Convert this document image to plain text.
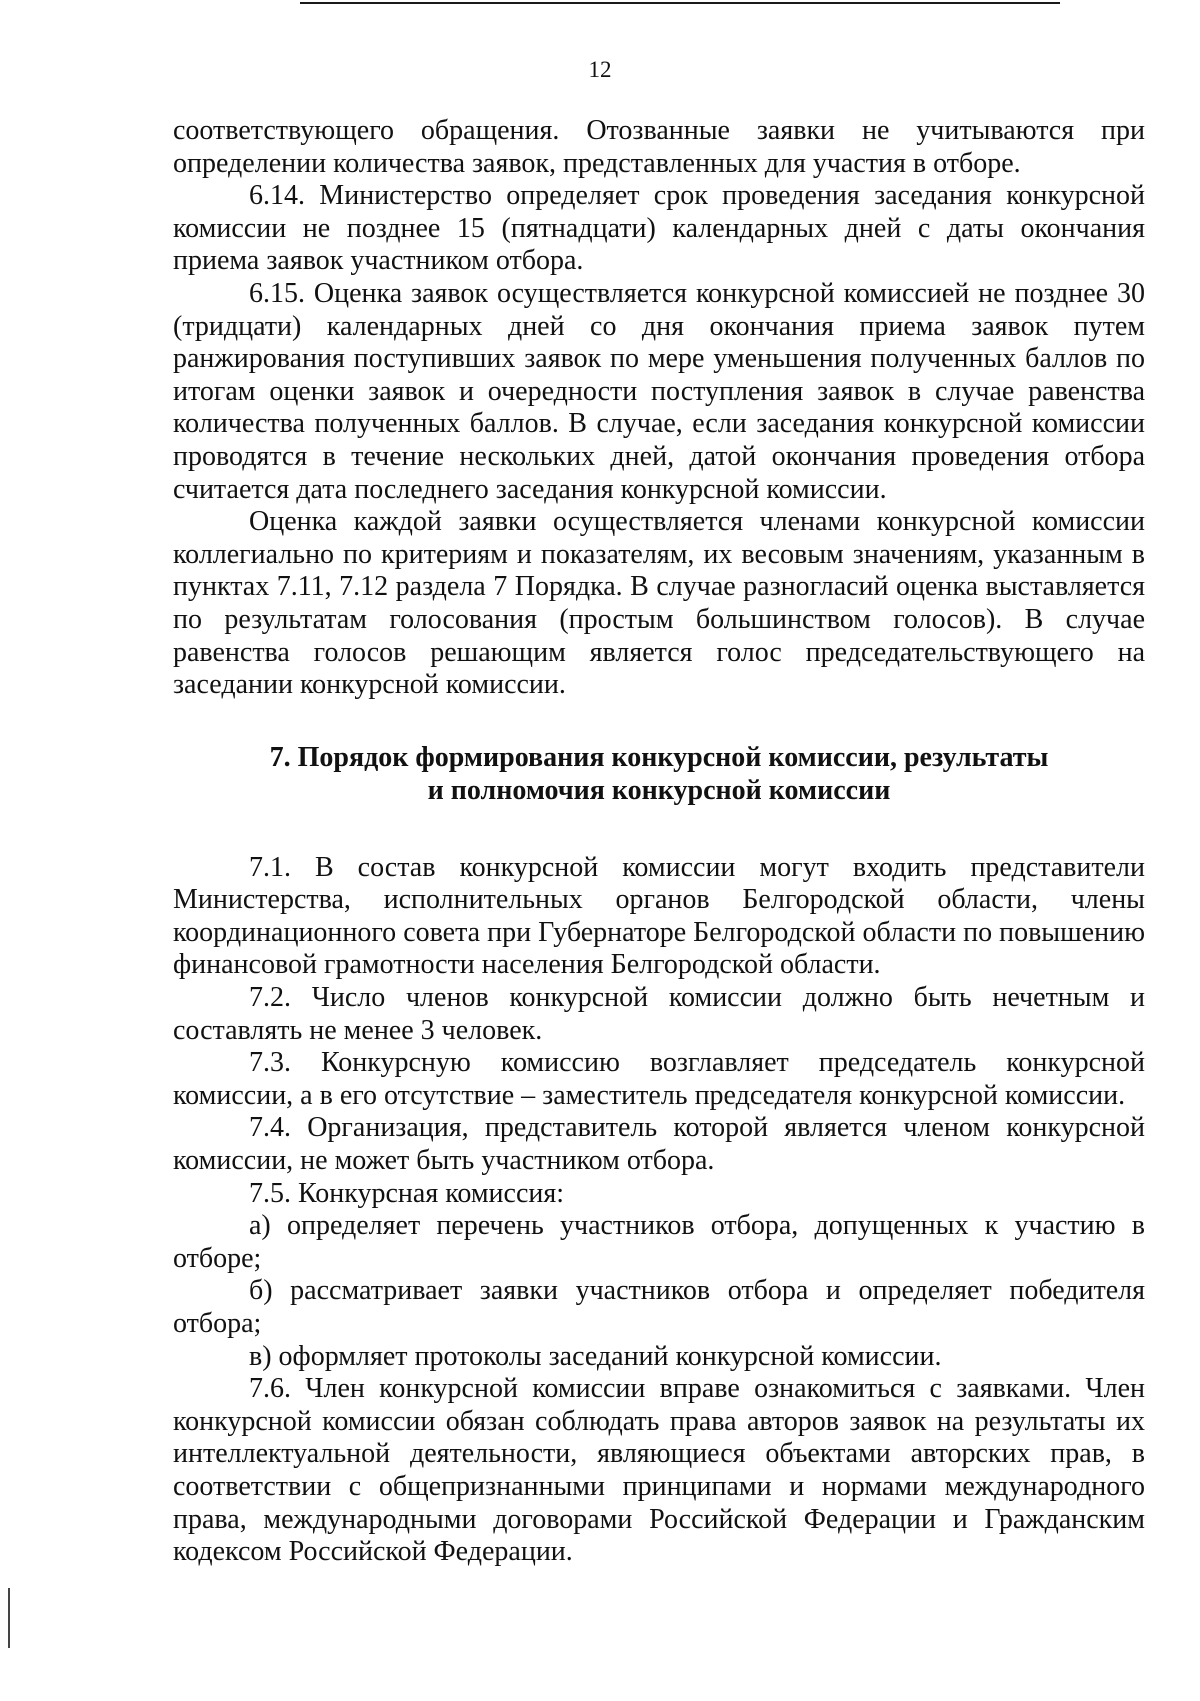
12

соответствующего обращения. Отозванные заявки не учитываются при определении количества заявок, представленных для участия в отборе.

6.14. Министерство определяет срок проведения заседания конкурсной комиссии не позднее 15 (пятнадцати) календарных дней с даты окончания приема заявок участником отбора.

6.15. Оценка заявок осуществляется конкурсной комиссией не позднее 30 (тридцати) календарных дней со дня окончания приема заявок путем ранжирования поступивших заявок по мере уменьшения полученных баллов по итогам оценки заявок и очередности поступления заявок в случае равенства количества полученных баллов. В случае, если заседания конкурсной комиссии проводятся в течение нескольких дней, датой окончания проведения отбора считается дата последнего заседания конкурсной комиссии.

Оценка каждой заявки осуществляется членами конкурсной комиссии коллегиально по критериям и показателям, их весовым значениям, указанным в пунктах 7.11, 7.12 раздела 7 Порядка. В случае разногласий оценка выставляется по результатам голосования (простым большинством голосов). В случае равенства голосов решающим является голос председательствующего на заседании конкурсной комиссии.

7. Порядок формирования конкурсной комиссии, результаты
и полномочия конкурсной комиссии

7.1. В состав конкурсной комиссии могут входить представители Министерства, исполнительных органов Белгородской области, члены координационного совета при Губернаторе Белгородской области по повышению финансовой грамотности населения Белгородской области.

7.2. Число членов конкурсной комиссии должно быть нечетным и составлять не менее 3 человек.

7.3. Конкурсную комиссию возглавляет председатель конкурсной комиссии, а в его отсутствие – заместитель председателя конкурсной комиссии.

7.4. Организация, представитель которой является членом конкурсной комиссии, не может быть участником отбора.

7.5. Конкурсная комиссия:

а) определяет перечень участников отбора, допущенных к участию в отборе;

б) рассматривает заявки участников отбора и определяет победителя отбора;

в) оформляет протоколы заседаний конкурсной комиссии.

7.6. Член конкурсной комиссии вправе ознакомиться с заявками. Член конкурсной комиссии обязан соблюдать права авторов заявок на результаты их интеллектуальной деятельности, являющиеся объектами авторских прав, в соответствии с общепризнанными принципами и нормами международного права, международными договорами Российской Федерации и Гражданским кодексом Российской Федерации.
